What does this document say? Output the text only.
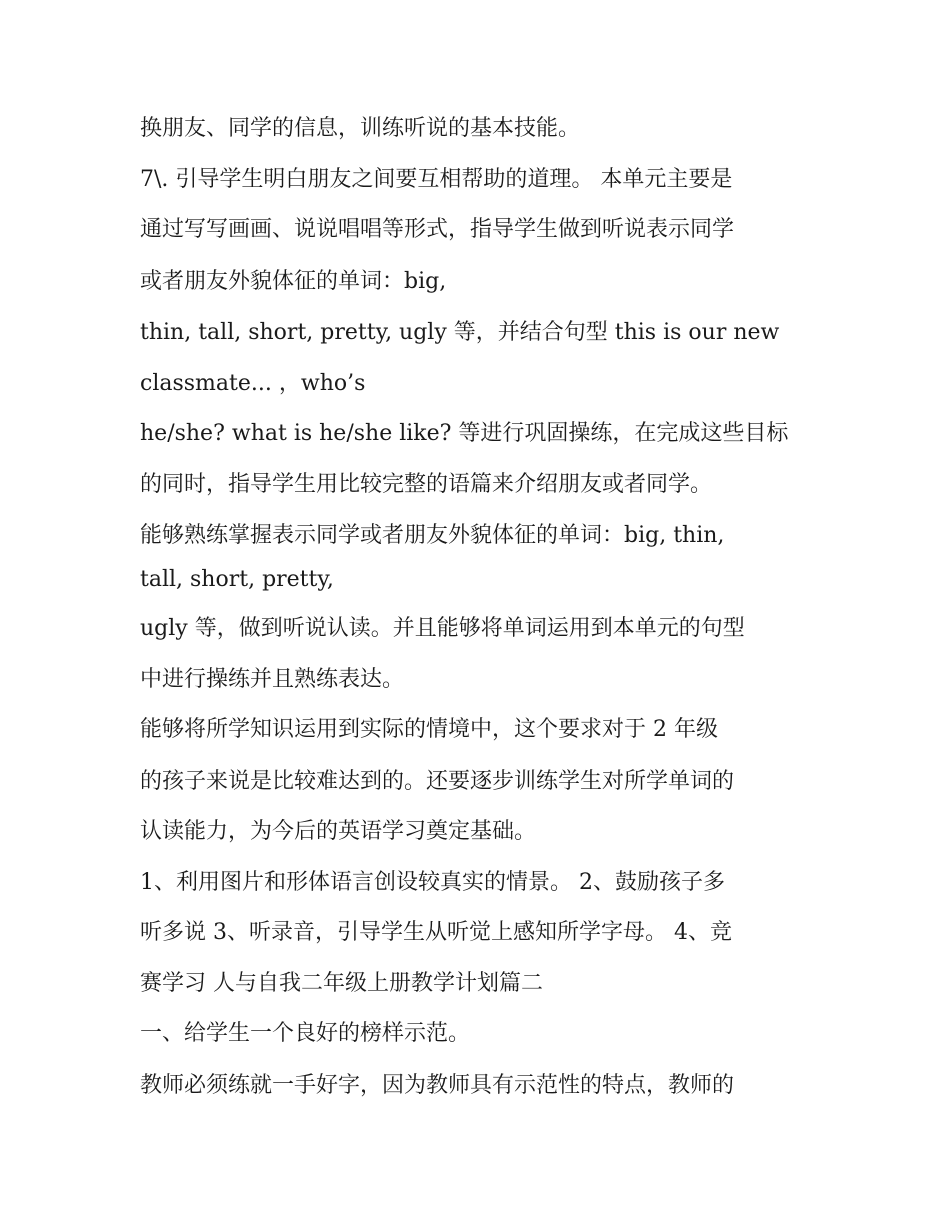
换朋友、同学的信息，训练听说的基本技能。

7\. 引导学生明白朋友之间要互相帮助的道理。 本单元主要是

通过写写画画、说说唱唱等形式，指导学生做到听说表示同学

或者朋友外貌体征的单词：big,

thin, tall, short, pretty, ugly 等，并结合句型 this is our new

classmate... ，who’s

he/she? what is he/she like? 等进行巩固操练，在完成这些目标

的同时，指导学生用比较完整的语篇来介绍朋友或者同学。

能够熟练掌握表示同学或者朋友外貌体征的单词：big, thin,

tall, short, pretty,

ugly 等，做到听说认读。并且能够将单词运用到本单元的句型

中进行操练并且熟练表达。

能够将所学知识运用到实际的情境中，这个要求对于 2 年级

的孩子来说是比较难达到的。还要逐步训练学生对所学单词的

认读能力，为今后的英语学习奠定基础。

1、利用图片和形体语言创设较真实的情景。 2、鼓励孩子多

听多说 3、听录音，引导学生从听觉上感知所学字母。 4、竞

赛学习 人与自我二年级上册教学计划篇二

一、给学生一个良好的榜样示范。

教师必须练就一手好字，因为教师具有示范性的特点，教师的
